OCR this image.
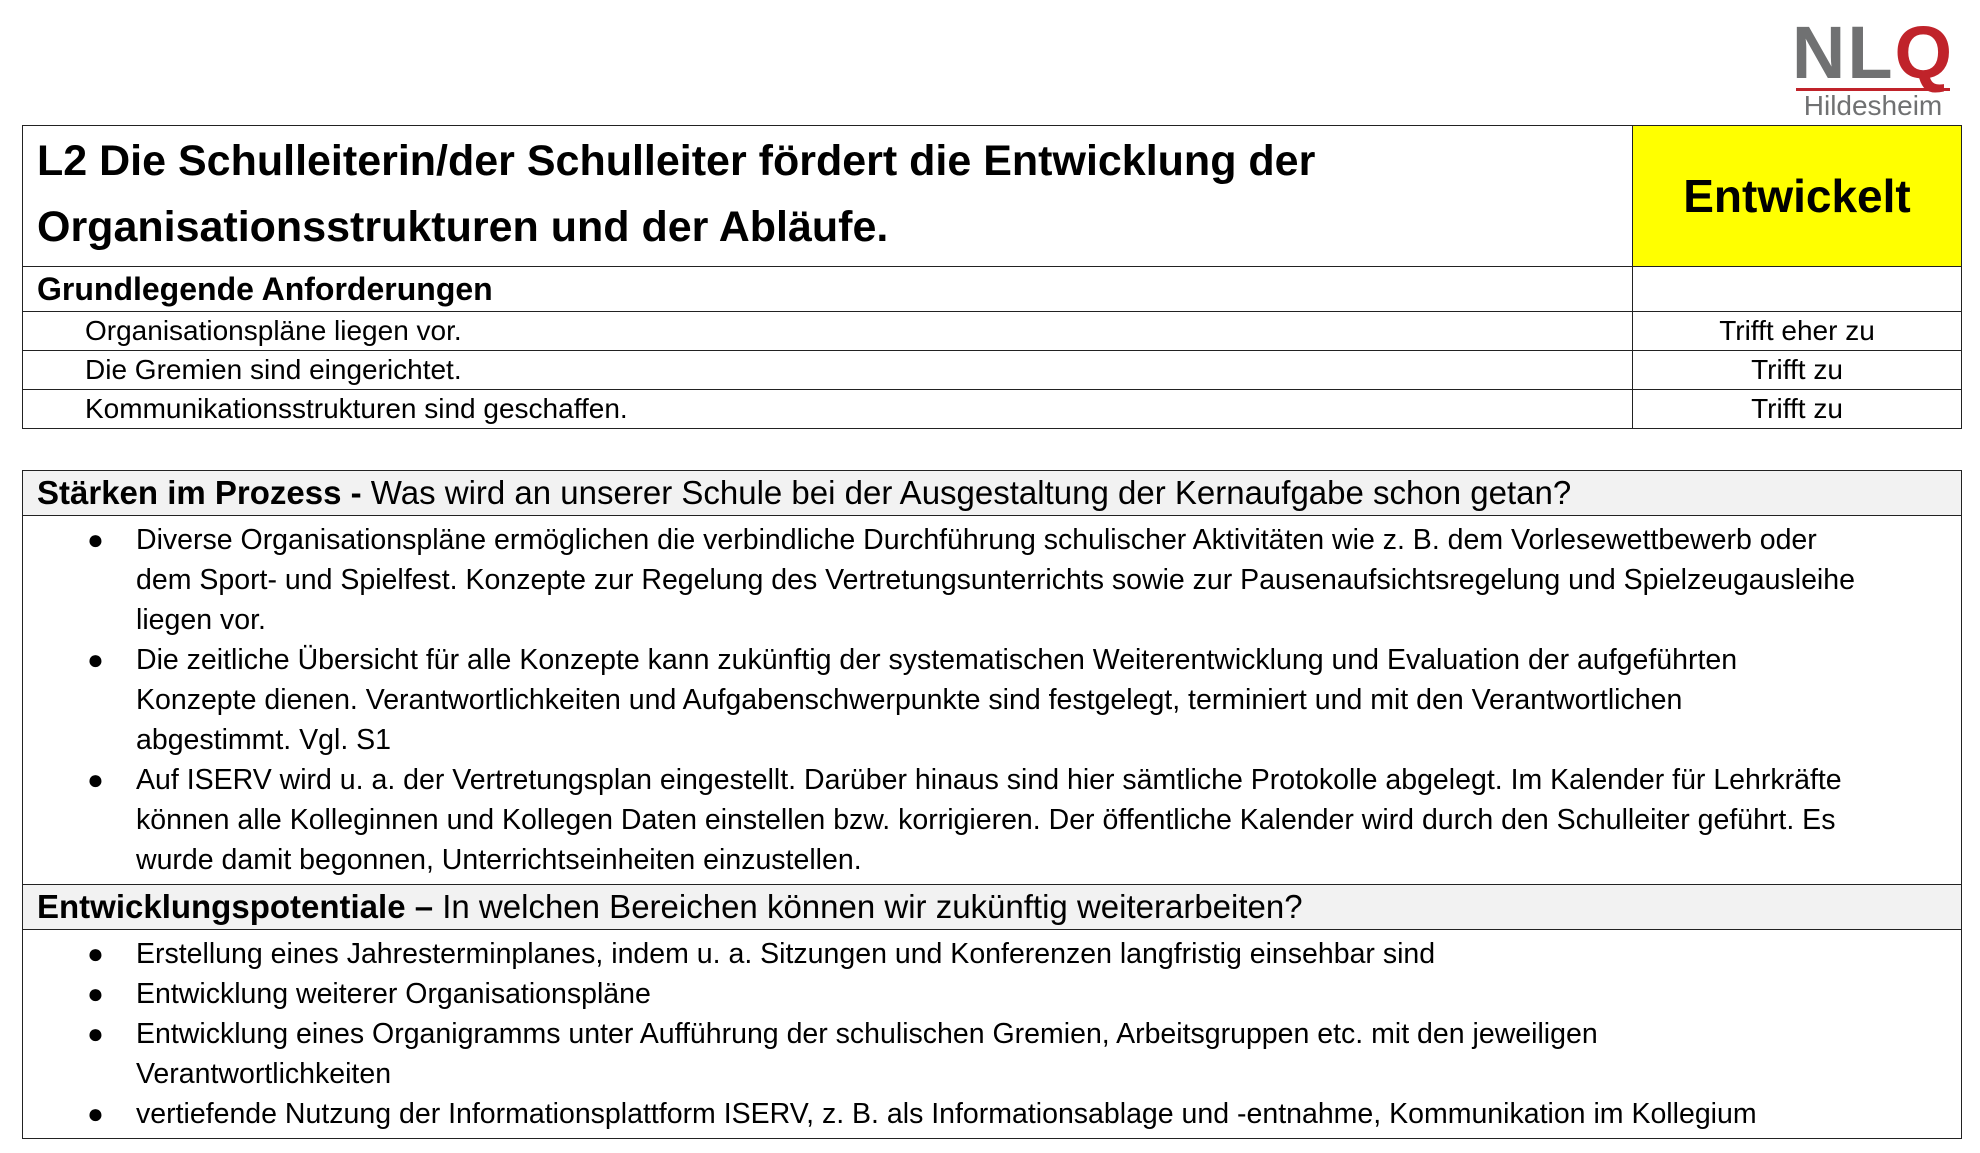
NLQ
Hildesheim
L2 Die Schulleiterin/der Schulleiter fördert die Entwicklung der
Organisationsstrukturen und der Abläufe.	Entwickelt
Grundlegende Anforderungen	
Organisationspläne liegen vor.	Trifft eher zu
Die Gremien sind eingerichtet.	Trifft zu
Kommunikationsstrukturen sind geschaffen.	Trifft zu
Stärken im Prozess - Was wird an unserer Schule bei der Ausgestaltung der Kernaufgabe schon getan?

● Diverse Organisationspläne ermöglichen die verbindliche Durchführung schulischer Aktivitäten wie z. B. dem Vorlesewettbewerb oder
dem Sport- und Spielfest. Konzepte zur Regelung des Vertretungsunterrichts sowie zur Pausenaufsichtsregelung und Spielzeugausleihe
liegen vor.
● Die zeitliche Übersicht für alle Konzepte kann zukünftig der systematischen Weiterentwicklung und Evaluation der aufgeführten
Konzepte dienen. Verantwortlichkeiten und Aufgabenschwerpunkte sind festgelegt, terminiert und mit den Verantwortlichen
abgestimmt. Vgl. S1
● Auf ISERV wird u. a. der Vertretungsplan eingestellt. Darüber hinaus sind hier sämtliche Protokolle abgelegt. Im Kalender für Lehrkräfte
können alle Kolleginnen und Kollegen Daten einstellen bzw. korrigieren. Der öffentliche Kalender wird durch den Schulleiter geführt. Es
wurde damit begonnen, Unterrichtseinheiten einzustellen.

Entwicklungspotentiale – In welchen Bereichen können wir zukünftig weiterarbeiten?

● Erstellung eines Jahresterminplanes, indem u. a. Sitzungen und Konferenzen langfristig einsehbar sind
● Entwicklung weiterer Organisationspläne
● Entwicklung eines Organigramms unter Aufführung der schulischen Gremien, Arbeitsgruppen etc. mit den jeweiligen
Verantwortlichkeiten
● vertiefende Nutzung der Informationsplattform ISERV, z. B. als Informationsablage und -entnahme, Kommunikation im Kollegium
